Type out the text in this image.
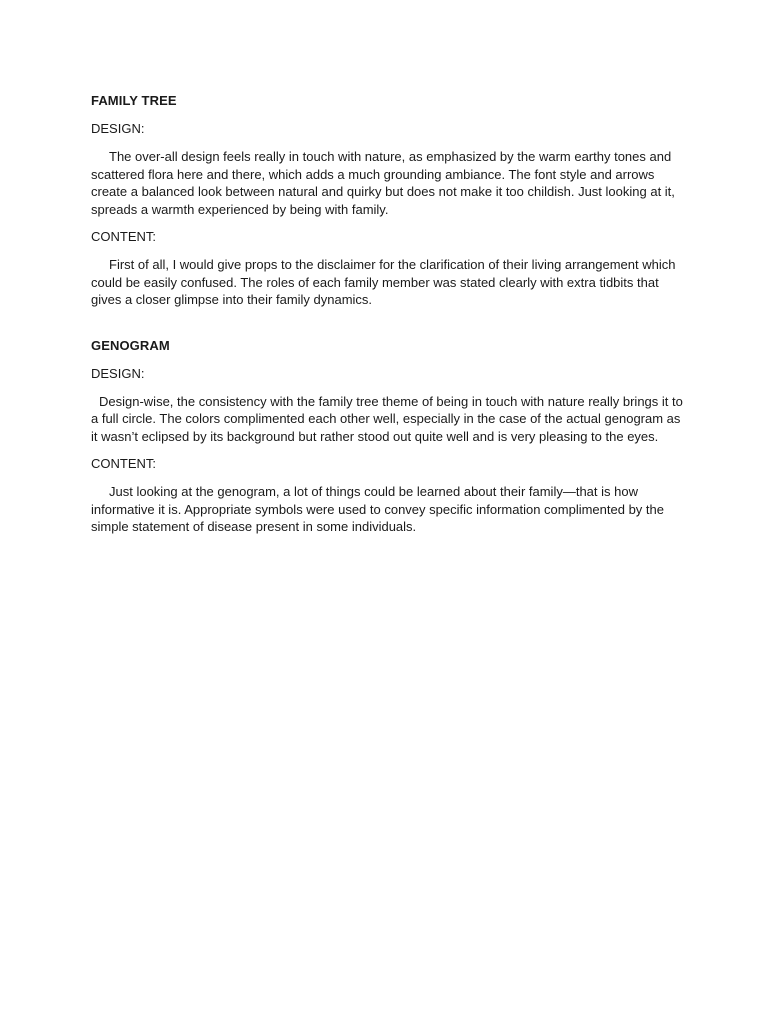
FAMILY TREE

DESIGN:

The over-all design feels really in touch with nature, as emphasized by the warm earthy tones and scattered flora here and there, which adds a much grounding ambiance. The font style and arrows create a balanced look between natural and quirky but does not make it too childish. Just looking at it, spreads a warmth experienced by being with family.

CONTENT:

First of all, I would give props to the disclaimer for the clarification of their living arrangement which could be easily confused. The roles of each family member was stated clearly with extra tidbits that gives a closer glimpse into their family dynamics.

GENOGRAM

DESIGN:

Design-wise, the consistency with the family tree theme of being in touch with nature really brings it to a full circle. The colors complimented each other well, especially in the case of the actual genogram as it wasn’t eclipsed by its background but rather stood out quite well and is very pleasing to the eyes.

CONTENT:

Just looking at the genogram, a lot of things could be learned about their family—that is how informative it is. Appropriate symbols were used to convey specific information complimented by the simple statement of disease present in some individuals.
